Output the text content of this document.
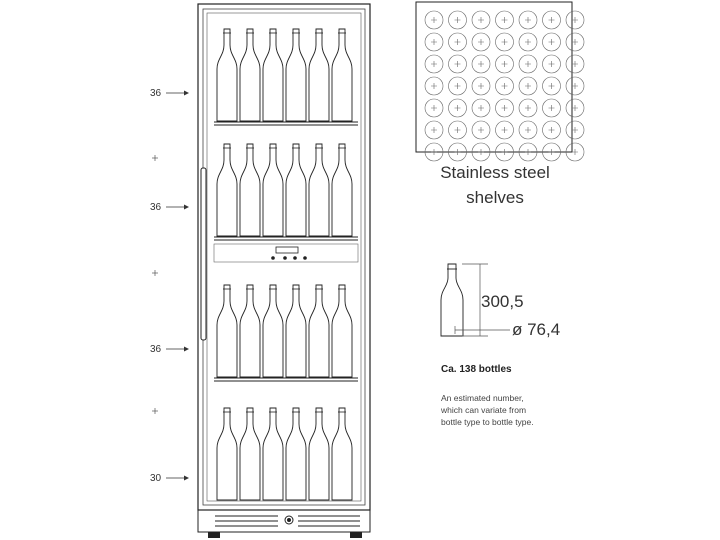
36
36
36
30
300,5
ø 76,4
Stainless steel
shelves
Ca. 138 bottles
An estimated number,
which can variate from
bottle type to bottle type.
